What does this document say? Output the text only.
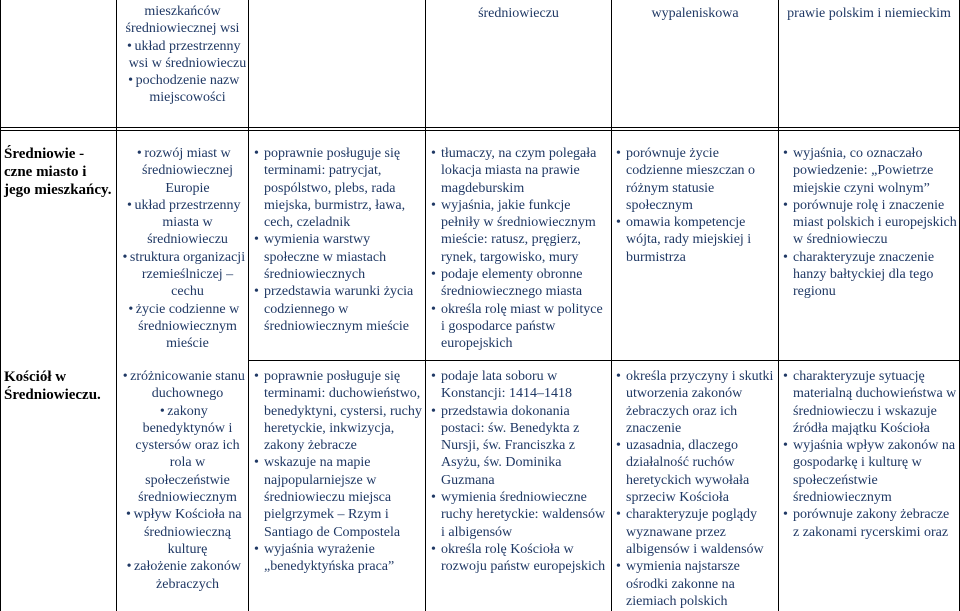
mieszkańców
średniowiecznej wsi
• układ przestrzenny wsi w średniowieczu
• pochodzenie nazw miejscowości
średniowieczu	wypaleniskowa	prawie polskim i niemieckim
Średniowie - czne miasto i jego mieszkańcy.
• rozwój miast w średniowiecznej Europie
• układ przestrzenny miasta w średniowieczu
• struktura organizacji rzemieślniczej – cechu
• życie codzienne w średniowiecznym mieście
• poprawnie posługuje się terminami: patrycjat, pospólstwo, plebs, rada miejska, burmistrz, ława, cech, czeladnik
• wymienia warstwy społeczne w miastach średniowiecznych
• przedstawia warunki życia codziennego w średniowiecznym mieście
• tłumaczy, na czym polegała lokacja miasta na prawie magdeburskim
• wyjaśnia, jakie funkcje pełniły w średniowiecznym mieście: ratusz, pręgierz, rynek, targowisko, mury
• podaje elementy obronne średniowiecznego miasta
• określa rolę miast w polityce i gospodarce państw europejskich
• porównuje życie codzienne mieszczan o różnym statusie społecznym
• omawia kompetencje wójta, rady miejskiej i burmistrza
• wyjaśnia, co oznaczało powiedzenie: „Powietrze miejskie czyni wolnym”
• porównuje rolę i znaczenie miast polskich i europejskich w średniowieczu
• charakteryzuje znaczenie hanzy bałtyckiej dla tego regionu
Kościół w Średniowieczu.
• zróżnicowanie stanu duchownego
• zakony benedyktynów i cystersów oraz ich rola w społeczeństwie średniowiecznym
• wpływ Kościoła na średniowieczną kulturę
• założenie zakonów żebraczych
• poprawnie posługuje się terminami: duchowieństwo, benedyktyni, cystersi, ruchy heretyckie, inkwizycja, zakony żebracze
• wskazuje na mapie najpopularniejsze w średniowieczu miejsca pielgrzymek – Rzym i Santiago de Compostela
• wyjaśnia wyrażenie „benedyktyńska praca”
• podaje lata soboru w Konstancji: 1414–1418
• przedstawia dokonania postaci: św. Benedykta z Nursji, św. Franciszka z Asyżu, św. Dominika Guzmana
• wymienia średniowieczne ruchy heretyckie: waldensów i albigensów
• określa rolę Kościoła w rozwoju państw europejskich
• określa przyczyny i skutki utworzenia zakonów żebraczych oraz ich znaczenie
• uzasadnia, dlaczego działalność ruchów heretyckich wywołała sprzeciw Kościoła
• charakteryzuje poglądy wyznawane przez albigensów i waldensów
• wymienia najstarsze ośrodki zakonne na ziemiach polskich
• charakteryzuje sytuację materialną duchowieństwa w średniowieczu i wskazuje źródła majątku Kościoła
• wyjaśnia wpływ zakonów na gospodarkę i kulturę w społeczeństwie średniowiecznym
• porównuje zakony żebracze z zakonami rycerskimi oraz
